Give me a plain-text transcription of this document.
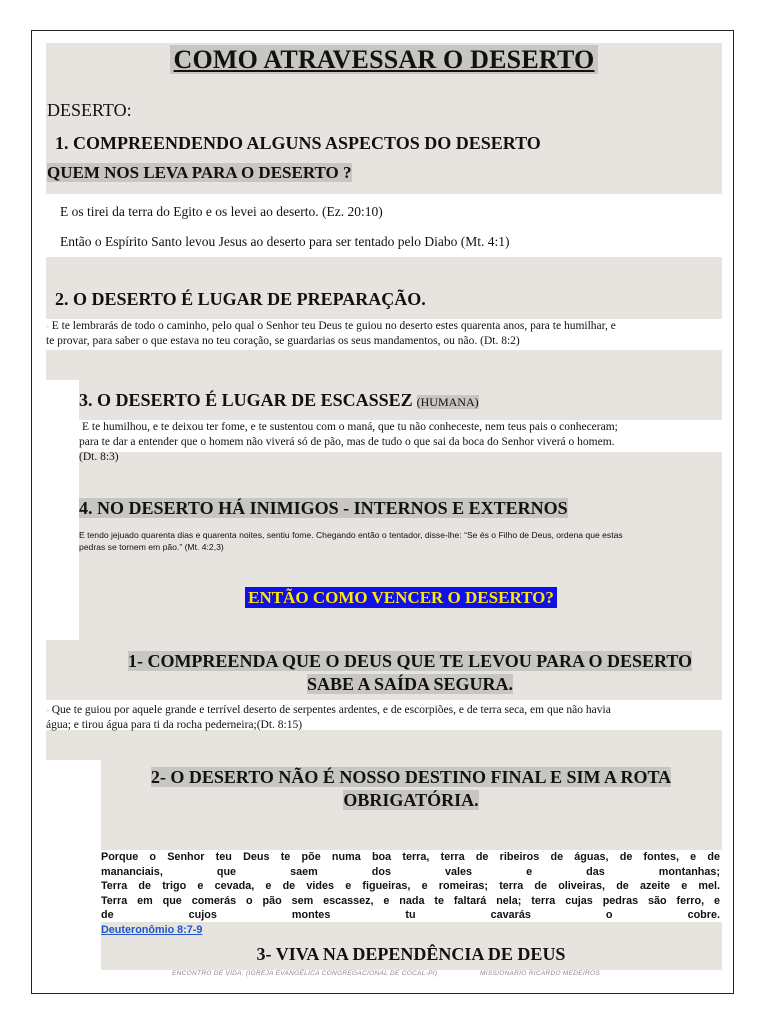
COMO ATRAVESSAR O DESERTO
DESERTO:
1. COMPREENDENDO ALGUNS ASPECTOS DO DESERTO
QUEM NOS LEVA PARA O DESERTO ?
E os tirei da terra do Egito e os levei ao deserto. (Ez. 20:10)
Então o Espírito Santo levou Jesus ao deserto para ser tentado pelo Diabo (Mt. 4:1)
2. O DESERTO É LUGAR DE PREPARAÇÃO.
◦ E te lembrarás de todo o caminho, pelo qual o Senhor teu Deus te guiou no deserto estes quarenta anos, para te humilhar, e
te provar, para saber o que estava no teu coração, se guardarias os seus mandamentos, ou não. (Dt. 8:2)
3. O DESERTO É LUGAR DE ESCASSEZ (HUMANA)
E te humilhou, e te deixou ter fome, e te sustentou com o maná, que tu não conheceste, nem teus pais o conheceram;
para te dar a entender que o homem não viverá só de pão, mas de tudo o que sai da boca do Senhor viverá o homem.
(Dt. 8:3)
4. NO DESERTO HÁ INIMIGOS - INTERNOS E EXTERNOS
E tendo jejuado quarenta dias e quarenta noites, sentiu fome. Chegando então o tentador, disse-lhe: “Se és o Filho de Deus, ordena que estas
pedras se tornem em pão.” (Mt. 4:2,3)
ENTÃO COMO VENCER O DESERTO?
1- COMPREENDA QUE O DEUS QUE TE LEVOU PARA O DESERTO
SABE A SAÍDA SEGURA.
◦ Que te guiou por aquele grande e terrível deserto de serpentes ardentes, e de escorpiões, e de terra seca, em que não havia
água; e tirou água para ti da rocha pederneira;(Dt. 8:15)
2- O DESERTO NÃO É NOSSO DESTINO FINAL E SIM A ROTA
OBRIGATÓRIA.
Porque o Senhor teu Deus te põe numa boa terra, terra de ribeiros de águas, de fontes, e de
mananciais, que saem dos vales e das montanhas;
Terra de trigo e cevada, e de vides e figueiras, e romeiras; terra de oliveiras, de azeite e mel.
Terra em que comerás o pão sem escassez, e nada te faltará nela; terra cujas pedras são ferro, e
de cujos montes tu cavarás o cobre.
Deuteronômio 8:7-9
3- VIVA NA DEPENDÊNCIA DE DEUS
ENCONTRO DE VIDA: (IGREJA EVANGÉLICA CONGREGACIONAL DE COCAL-PI)	MISSIONARIO RICARDO MEDEIROS
